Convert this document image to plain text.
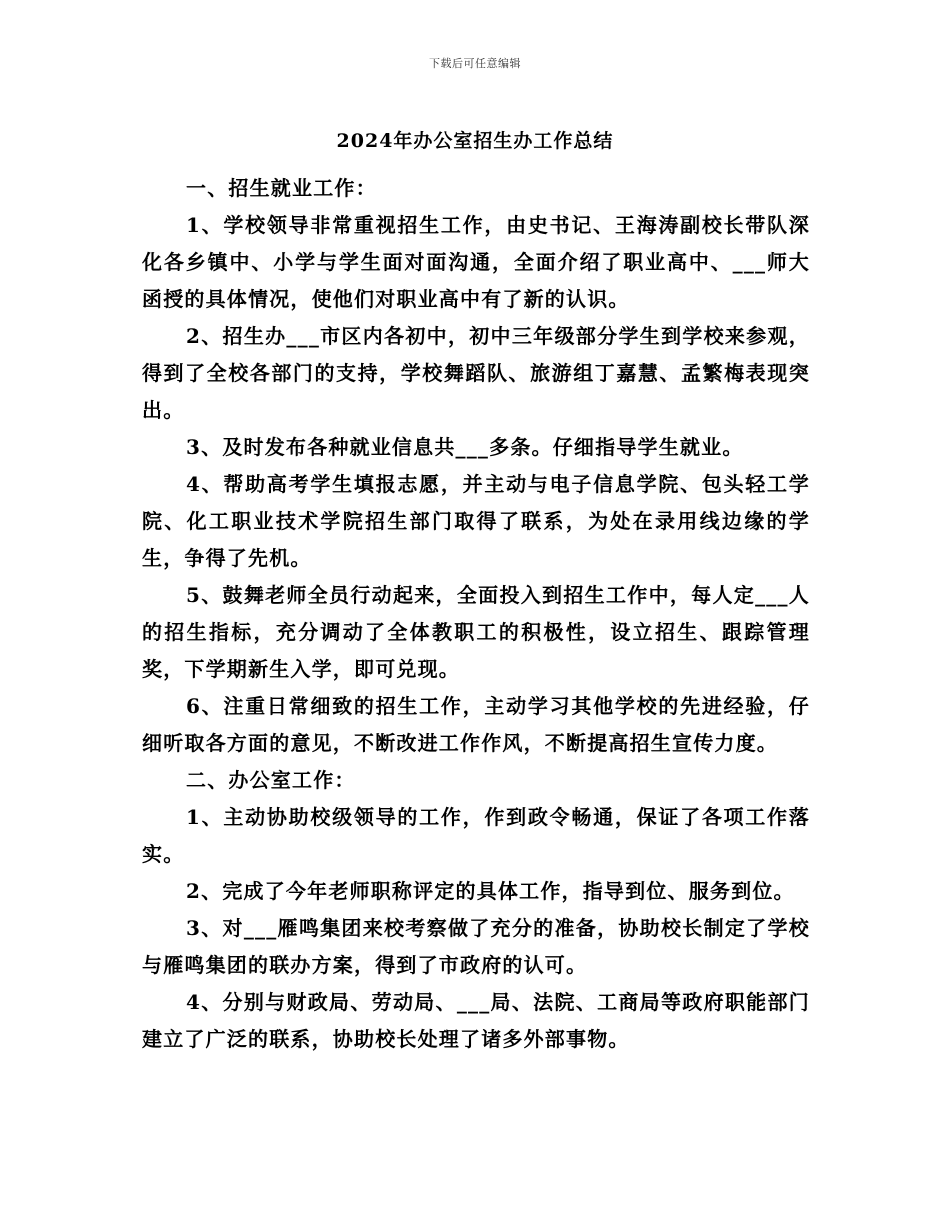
下载后可任意编辑
2024年办公室招生办工作总结

一、招生就业工作：

1、学校领导非常重视招生工作，由史书记、王海涛副校长带队深化各乡镇中、小学与学生面对面沟通，全面介绍了职业高中、___师大函授的具体情况，使他们对职业高中有了新的认识。

2、招生办___市区内各初中，初中三年级部分学生到学校来参观，得到了全校各部门的支持，学校舞蹈队、旅游组丁嘉慧、孟繁梅表现突出。

3、及时发布各种就业信息共___多条。仔细指导学生就业。

4、帮助高考学生填报志愿，并主动与电子信息学院、包头轻工学院、化工职业技术学院招生部门取得了联系，为处在录用线边缘的学生，争得了先机。

5、鼓舞老师全员行动起来，全面投入到招生工作中，每人定___人的招生指标，充分调动了全体教职工的积极性，设立招生、跟踪管理奖，下学期新生入学，即可兑现。

6、注重日常细致的招生工作，主动学习其他学校的先进经验，仔细听取各方面的意见，不断改进工作作风，不断提高招生宣传力度。

二、办公室工作：

1、主动协助校级领导的工作，作到政令畅通，保证了各项工作落实。

2、完成了今年老师职称评定的具体工作，指导到位、服务到位。

3、对___雁鸣集团来校考察做了充分的准备，协助校长制定了学校与雁鸣集团的联办方案，得到了市政府的认可。

4、分别与财政局、劳动局、___局、法院、工商局等政府职能部门建立了广泛的联系，协助校长处理了诸多外部事物。
